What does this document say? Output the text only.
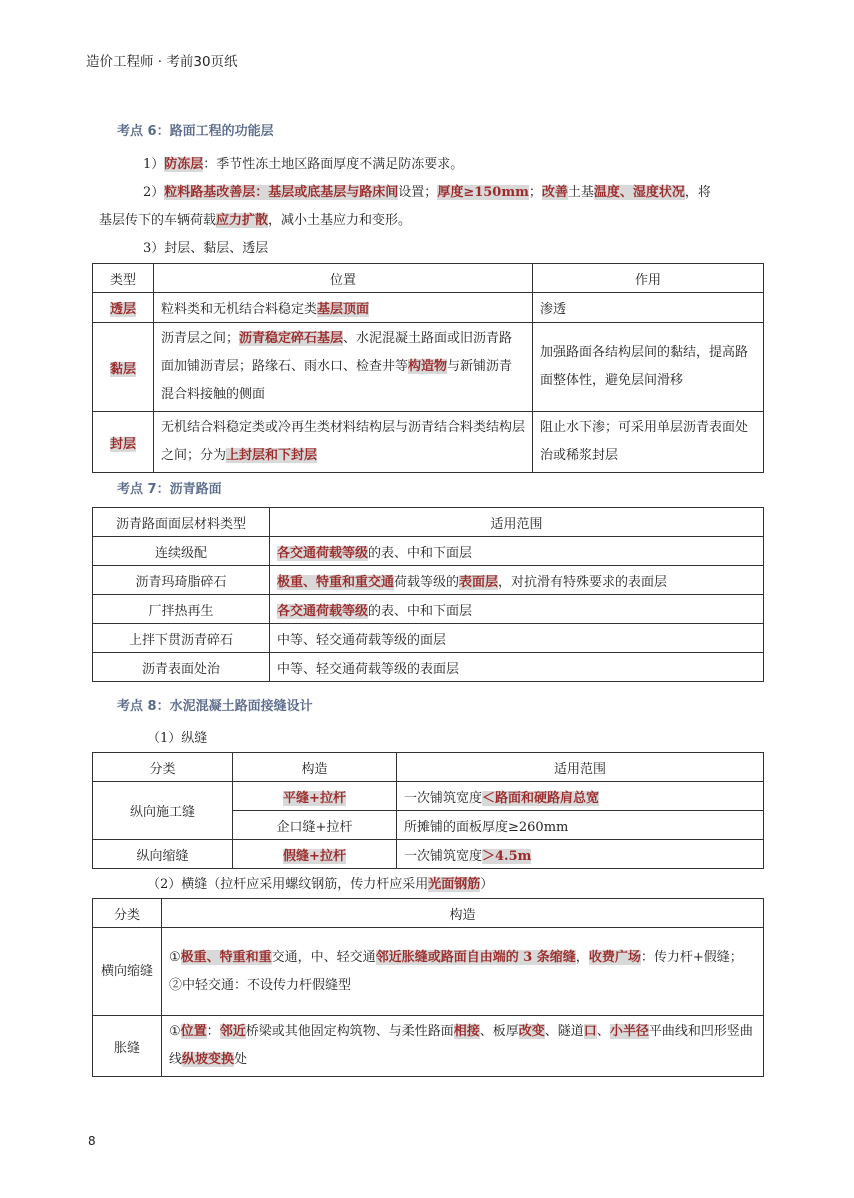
造价工程师 · 考前30页纸
考点 6：路面工程的功能层
1）防冻层：季节性冻土地区路面厚度不满足防冻要求。
2）粒料路基改善层：基层或底基层与路床间设置；厚度≥150mm；改善土基温度、湿度状况，将
基层传下的车辆荷载应力扩散，减小土基应力和变形。
3）封层、黏层、透层
类型	位置	作用
透层	粒料类和无机结合料稳定类基层顶面	渗透
黏层	沥青层之间；沥青稳定碎石基层、水泥混凝土路面或旧沥青路面加铺沥青层；路缘石、雨水口、检查井等构造物与新铺沥青混合料接触的侧面	加强路面各结构层间的黏结，提高路面整体性，避免层间滑移
封层	无机结合料稳定类或冷再生类材料结构层与沥青结合料类结构层之间；分为上封层和下封层	阻止水下渗；可采用单层沥青表面处治或稀浆封层
考点 7：沥青路面
沥青路面面层材料类型	适用范围
连续级配	各交通荷载等级的表、中和下面层
沥青玛琦脂碎石	极重、特重和重交通荷载等级的表面层，对抗滑有特殊要求的表面层
厂拌热再生	各交通荷载等级的表、中和下面层
上拌下贯沥青碎石	中等、轻交通荷载等级的面层
沥青表面处治	中等、轻交通荷载等级的表面层
考点 8：水泥混凝土路面接缝设计
（1）纵缝
分类	构造	适用范围
纵向施工缝	平缝+拉杆	一次铺筑宽度＜路面和硬路肩总宽
	企口缝+拉杆	所摊铺的面板厚度≥260mm
纵向缩缝	假缝+拉杆	一次铺筑宽度＞4.5m
（2）横缝（拉杆应采用螺纹钢筋，传力杆应采用光面钢筋）
分类	构造
横向缩缝	①极重、特重和重交通，中、轻交通邻近胀缝或路面自由端的 3 条缩缝，收费广场：传力杆+假缝；
②中轻交通：不设传力杆假缝型

胀缝	①位置：邻近桥梁或其他固定构筑物、与柔性路面相接、板厚改变、隧道口、小半径平曲线和凹形竖曲线纵坡变换处
8
